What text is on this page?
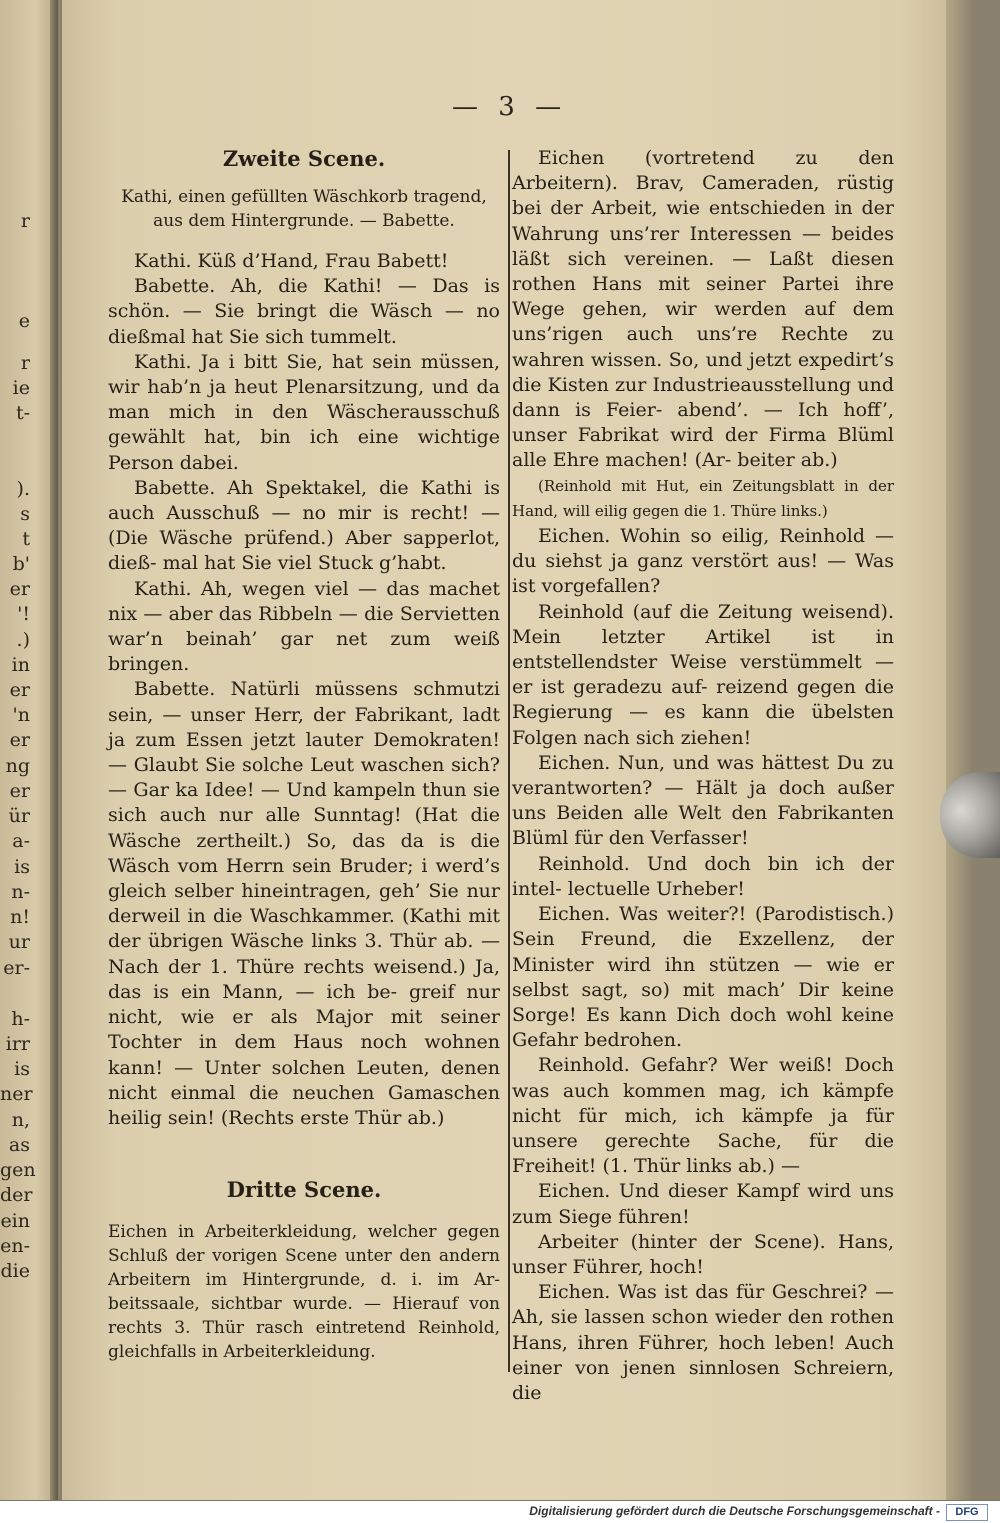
r
e
r
ie
t-
).
s
t
b'
er
'!
.)
in
er
'n
er
ng
er
ür
a-
is
n-
n!
ur
er-
h-
irr
is
ner
n,
as
gen
der
ein
en-
die
— 3 —

Zweite Scene.

Kathi, einen gefüllten Wäschkorb tragend, aus dem Hintergrunde. — Babette.

Kathi. Küß d’Hand, Frau Babett!

Babette. Ah, die Kathi! — Das is schön. — Sie bringt die Wäsch — no dießmal hat Sie sich tummelt.

Kathi. Ja i bitt Sie, hat sein müssen, wir hab’n ja heut Plenarsitzung, und da man mich in den Wäscherausschuß gewählt hat, bin ich eine wichtige Person dabei.

Babette. Ah Spektakel, die Kathi is auch Ausschuß — no mir is recht! — (Die Wäsche prüfend.) Aber sapperlot, dieß- mal hat Sie viel Stuck g’habt.

Kathi. Ah, wegen viel — das machet nix — aber das Ribbeln — die Servietten war’n beinah’ gar net zum weiß bringen.

Babette. Natürli müssens schmutzi sein, — unser Herr, der Fabrikant, ladt ja zum Essen jetzt lauter Demokraten! — Glaubt Sie solche Leut waschen sich? — Gar ka Idee! — Und kampeln thun sie sich auch nur alle Sunntag! (Hat die Wäsche zertheilt.) So, das da is die Wäsch vom Herrn sein Bruder; i werd’s gleich selber hineintragen, geh’ Sie nur derweil in die Waschkammer. (Kathi mit der übrigen Wäsche links 3. Thür ab. — Nach der 1. Thüre rechts weisend.) Ja, das is ein Mann, — ich be- greif nur nicht, wie er als Major mit seiner Tochter in dem Haus noch wohnen kann! — Unter solchen Leuten, denen nicht einmal die neuchen Gamaschen heilig sein! (Rechts erste Thür ab.)

Dritte Scene.

Eichen in Arbeiterkleidung, welcher gegen Schluß der vorigen Scene unter den andern Arbeitern im Hintergrunde, d. i. im Ar- beitssaale, sichtbar wurde. — Hierauf von rechts 3. Thür rasch eintretend Reinhold, gleichfalls in Arbeiterkleidung.

Eichen (vortretend zu den Arbeitern). Brav, Cameraden, rüstig bei der Arbeit, wie entschieden in der Wahrung uns’rer Interessen — beides läßt sich vereinen. — Laßt diesen rothen Hans mit seiner Partei ihre Wege gehen, wir werden auf dem uns’rigen auch uns’re Rechte zu wahren wissen. So, und jetzt expedirt’s die Kisten zur Industrieausstellung und dann is Feier- abend’. — Ich hoff’, unser Fabrikat wird der Firma Blüml alle Ehre machen! (Ar- beiter ab.)

(Reinhold mit Hut, ein Zeitungsblatt in der Hand, will eilig gegen die 1. Thüre links.)

Eichen. Wohin so eilig, Reinhold — du siehst ja ganz verstört aus! — Was ist vorgefallen?

Reinhold (auf die Zeitung weisend). Mein letzter Artikel ist in entstellendster Weise verstümmelt — er ist geradezu auf- reizend gegen die Regierung — es kann die übelsten Folgen nach sich ziehen!

Eichen. Nun, und was hättest Du zu verantworten? — Hält ja doch außer uns Beiden alle Welt den Fabrikanten Blüml für den Verfasser!

Reinhold. Und doch bin ich der intel- lectuelle Urheber!

Eichen. Was weiter?! (Parodistisch.) Sein Freund, die Exzellenz, der Minister wird ihn stützen — wie er selbst sagt, so) mit mach’ Dir keine Sorge! Es kann Dich doch wohl keine Gefahr bedrohen.

Reinhold. Gefahr? Wer weiß! Doch was auch kommen mag, ich kämpfe nicht für mich, ich kämpfe ja für unsere gerechte Sache, für die Freiheit! (1. Thür links ab.) —

Eichen. Und dieser Kampf wird uns zum Siege führen!

Arbeiter (hinter der Scene). Hans, unser Führer, hoch!

Eichen. Was ist das für Geschrei? — Ah, sie lassen schon wieder den rothen Hans, ihren Führer, hoch leben! Auch einer von jenen sinnlosen Schreiern, die

Digitalisierung gefördert durch die Deutsche Forschungsgemeinschaft -	DFG
